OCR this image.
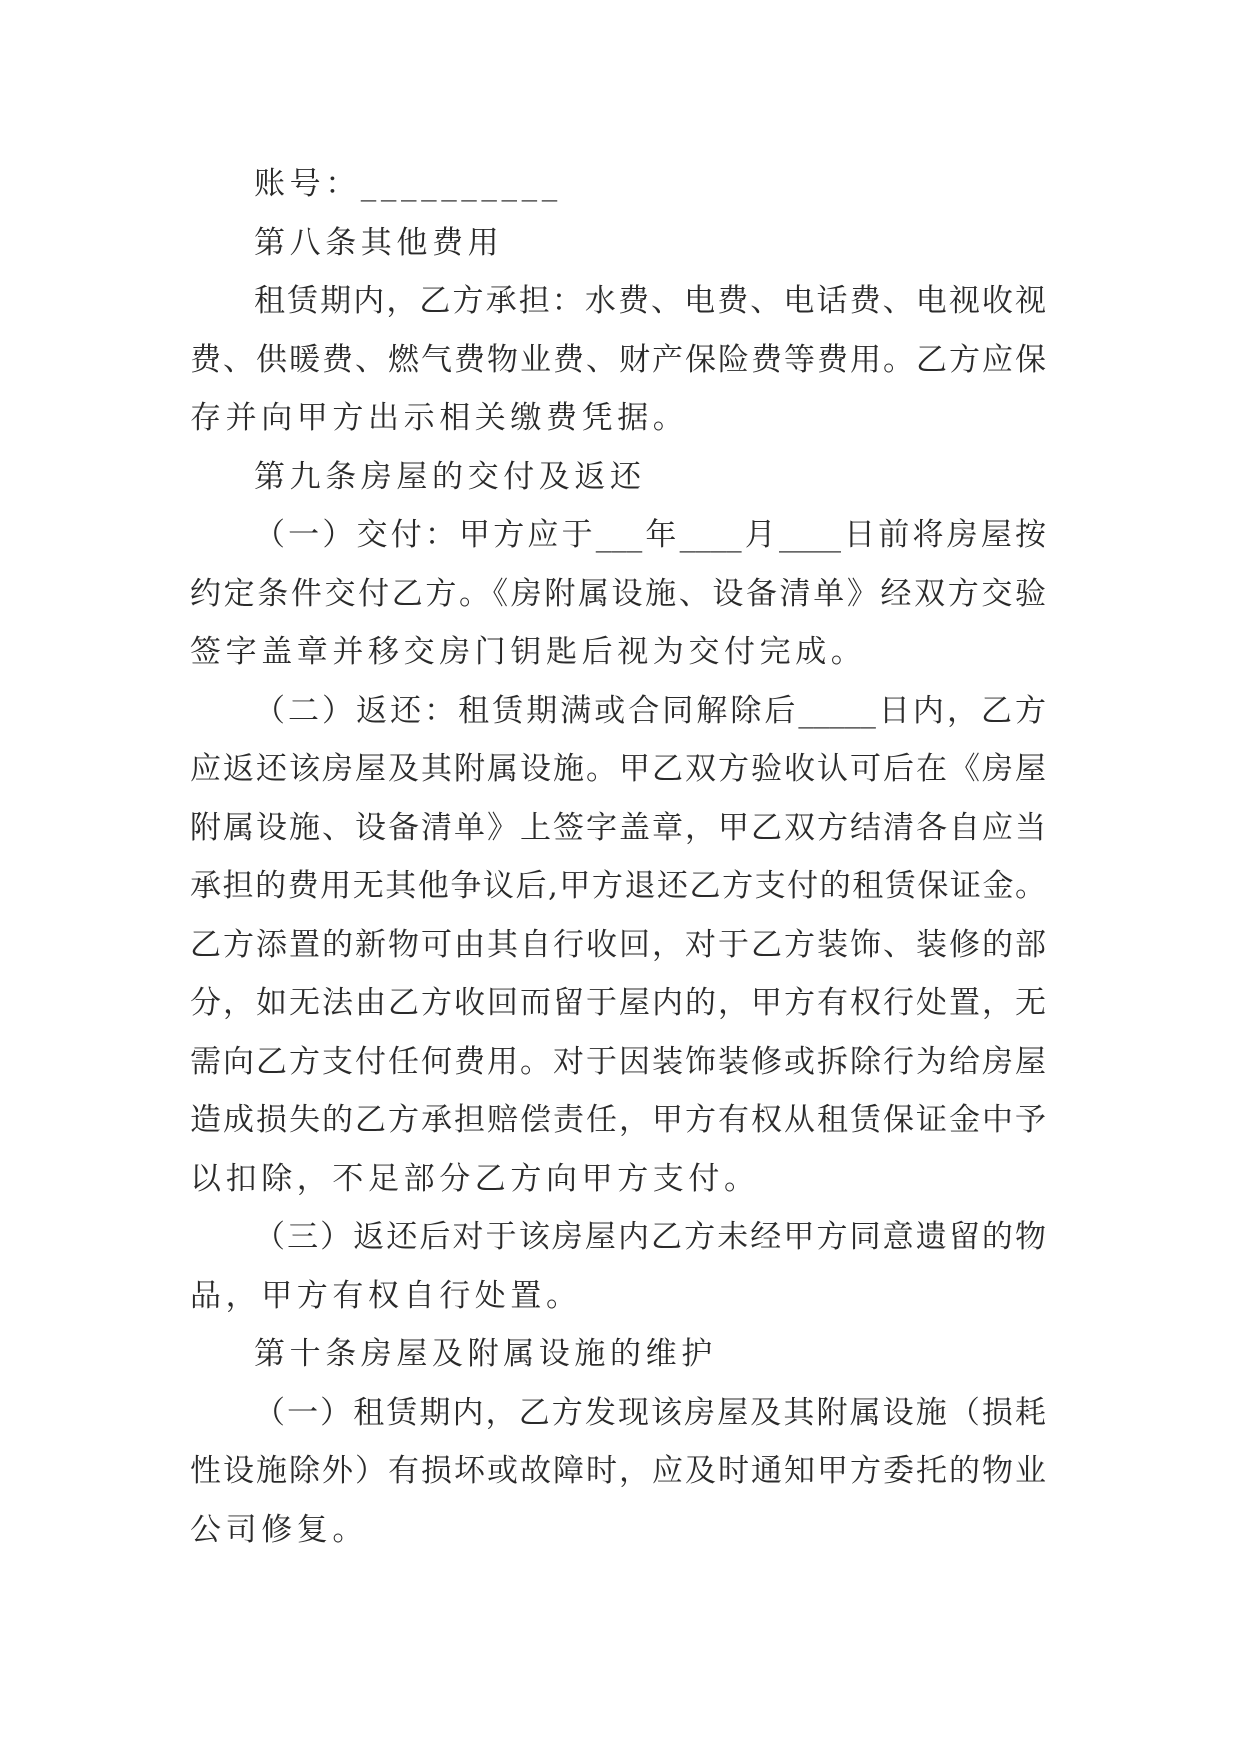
账号：__________
第八条其他费用
租赁期内，乙方承担：水费、电费、电话费、电视收视
费、供暖费、燃气费物业费、财产保险费等费用。乙方应保
存并向甲方出示相关缴费凭据。
第九条房屋的交付及返还
（一）交付：甲方应于___年____月____日前将房屋按
约定条件交付乙方。《房附属设施、设备清单》经双方交验
签字盖章并移交房门钥匙后视为交付完成。
（二）返还：租赁期满或合同解除后_____日内，乙方
应返还该房屋及其附属设施。甲乙双方验收认可后在《房屋
附属设施、设备清单》上签字盖章，甲乙双方结清各自应当
承担的费用无其他争议后,甲方退还乙方支付的租赁保证金。
乙方添置的新物可由其自行收回，对于乙方装饰、装修的部
分，如无法由乙方收回而留于屋内的，甲方有权行处置，无
需向乙方支付任何费用。对于因装饰装修或拆除行为给房屋
造成损失的乙方承担赔偿责任，甲方有权从租赁保证金中予
以扣除，不足部分乙方向甲方支付。
（三）返还后对于该房屋内乙方未经甲方同意遗留的物
品，甲方有权自行处置。
第十条房屋及附属设施的维护
（一）租赁期内，乙方发现该房屋及其附属设施（损耗
性设施除外）有损坏或故障时，应及时通知甲方委托的物业
公司修复。
